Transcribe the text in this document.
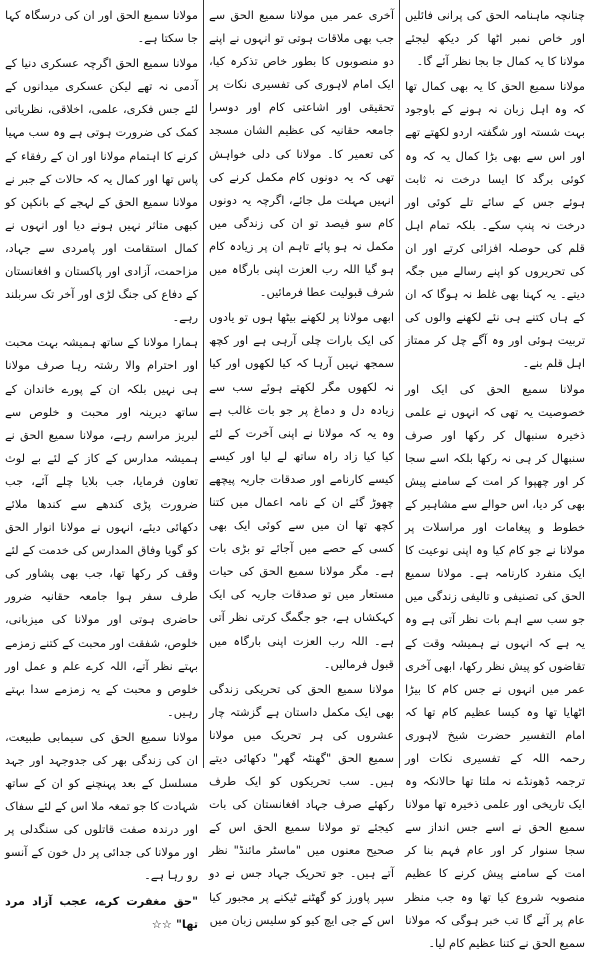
چنانچہ ماہنامہ الحق کی پرانی فائلیں اور خاص نمبر اٹھا کر دیکھ لیجئے مولانا کا یہ کمال جا بجا نظر آئے گا۔

مولانا سمیع الحق کا یہ بھی کمال تھا کہ وہ اہل زبان نہ ہونے کے باوجود بہت شستہ اور شگفتہ اردو لکھتے تھے اور اس سے بھی بڑا کمال یہ کہ وہ کوئی برگد کا ایسا درخت نہ ثابت ہوئے جس کے سائے تلے کوئی اور درخت نہ پنپ سکے۔ بلکہ تمام اہل قلم کی حوصلہ افزائی کرتے اور ان کی تحریروں کو اپنے رسالے میں جگہ دیتے۔ یہ کہنا بھی غلط نہ ہوگا کہ ان کے ہاں کتنے ہی نئے لکھنے والوں کی تربیت ہوئی اور وہ آگے چل کر ممتاز اہل قلم بنے۔

مولانا سمیع الحق کی ایک اور خصوصیت یہ تھی کہ انہوں نے علمی ذخیرہ سنبھال کر رکھا اور صرف سنبھال کر ہی نہ رکھا بلکہ اسے سجا کر اور چھپوا کر امت کے سامنے پیش بھی کر دیا، اس حوالے سے مشاہیر کے خطوط و پیغامات اور مراسلات پر مولانا نے جو کام کیا وہ اپنی نوعیت کا ایک منفرد کارنامہ ہے۔ مولانا سمیع الحق کی تصنیفی و تالیفی زندگی میں جو سب سے اہم بات نظر آتی ہے وہ یہ ہے کہ انہوں نے ہمیشہ وقت کے تقاضوں کو پیش نظر رکھا، ابھی آخری عمر میں انہوں نے جس کام کا بیڑا اٹھایا تھا وہ کیسا عظیم کام تھا کہ امام التفسیر حضرت شیخ لاہوری رحمہ اللہ کے تفسیری نکات اور ترجمہ ڈھونڈے نہ ملتا تھا حالانکہ وہ ایک تاریخی اور علمی ذخیرہ تھا مولانا سمیع الحق نے اسے جس انداز سے سجا سنوار کر اور عام فہم بنا کر امت کے سامنے پیش کرنے کا عظیم منصوبہ شروع کیا تھا وہ جب منظر عام پر آئے گا تب خبر ہوگی کہ مولانا سمیع الحق نے کتنا عظیم کام لیا۔

آخری عمر میں مولانا سمیع الحق سے جب بھی ملاقات ہوتی تو انہوں نے اپنے دو منصوبوں کا بطور خاص تذکرہ کیا، ایک امام لاہوری کی تفسیری نکات پر تحقیقی اور اشاعتی کام اور دوسرا جامعہ حقانیہ کی عظیم الشان مسجد کی تعمیر کا۔ مولانا کی دلی خواہش تھی کہ یہ دونوں کام مکمل کرنے کی انہیں مہلت مل جائے، اگرچہ یہ دونوں کام سو فیصد تو ان کی زندگی میں مکمل نہ ہو پائے تاہم ان پر زیادہ کام ہو گیا اللہ رب العزت اپنی بارگاہ میں شرف قبولیت عطا فرمائیں۔

ابھی مولانا پر لکھنے بیٹھا ہوں تو یادوں کی ایک بارات چلی آرہی ہے اور کچھ سمجھ نہیں آرہا کہ کیا لکھوں اور کیا نہ لکھوں مگر لکھتے ہوئے سب سے زیادہ دل و دماغ پر جو بات غالب ہے وہ یہ کہ مولانا نے اپنی آخرت کے لئے کیا کیا زاد راہ ساتھ لے لیا اور کیسے کیسے کارنامے اور صدقات جاریہ پیچھے چھوڑ گئے ان کے نامہ اعمال میں کتنا کچھ تھا ان میں سے کوئی ایک بھی کسی کے حصے میں آجائے تو بڑی بات ہے۔ مگر مولانا سمیع الحق کی حیات مستعار میں تو صدقات جاریہ کی ایک کہکشاں ہے، جو جگمگ کرتی نظر آتی ہے۔ اللہ رب العزت اپنی بارگاہ میں قبول فرمالیں۔

مولانا سمیع الحق کی تحریکی زندگی بھی ایک مکمل داستان ہے گزشتہ چار عشروں کی ہر تحریک میں مولانا سمیع الحق "گھنٹہ گھر" دکھائی دیتے ہیں۔ سب تحریکوں کو ایک طرف رکھئے صرف جہاد افغانستان کی بات کیجئے تو مولانا سمیع الحق اس کے صحیح معنوں میں "ماسٹر مائنڈ" نظر آتے ہیں۔ جو تحریک جہاد جس نے دو سپر پاورز کو گھٹنے ٹیکنے پر مجبور کیا اس کے جی ایچ کیو کو سلیس زبان میں

مولانا سمیع الحق اور ان کی درسگاہ کہا جا سکتا ہے۔

مولانا سمیع الحق اگرچہ عسکری دنیا کے آدمی نہ تھے لیکن عسکری میدانوں کے لئے جس فکری، علمی، اخلاقی، نظریاتی کمک کی ضرورت ہوتی ہے وہ سب مہیا کرنے کا اہتمام مولانا اور ان کے رفقاء کے پاس تھا اور کمال یہ کہ حالات کے جبر نے مولانا سمیع الحق کے لہجے کے بانکپن کو کبھی متاثر نہیں ہونے دیا اور انہوں نے کمال استقامت اور پامردی سے جہاد، مزاحمت، آزادی اور پاکستان و افغانستان کے دفاع کی جنگ لڑی اور آخر تک سربلند رہے۔

ہمارا مولانا کے ساتھ ہمیشہ بہت محبت اور احترام والا رشتہ رہا صرف مولانا ہی نہیں بلکہ ان کے پورے خاندان کے ساتھ دیرینہ اور محبت و خلوص سے لبریز مراسم رہے، مولانا سمیع الحق نے ہمیشہ مدارس کے کاز کے لئے بے لوث تعاون فرمایا، جب بلایا چلے آئے، جب ضرورت پڑی کندھے سے کندھا ملائے دکھائی دیئے، انہوں نے مولانا انوار الحق کو گویا وفاق المدارس کی خدمت کے لئے وقف کر رکھا تھا، جب بھی پشاور کی طرف سفر ہوا جامعہ حقانیہ ضرور حاضری ہوتی اور مولانا کی میزبانی، خلوص، شفقت اور محبت کے کتنے زمزمے بہتے نظر آتے، اللہ کرے علم و عمل اور خلوص و محبت کے یہ زمزمے سدا بہتے رہیں۔

مولانا سمیع الحق کی سیمابی طبیعت، ان کی زندگی بھر کی جدوجہد اور جہد مسلسل کے بعد پہنچنے کو ان کے ساتھ شہادت کا جو تمغہ ملا اس کے لئے سفاک اور درندہ صفت قاتلوں کی سنگدلی پر اور مولانا کی جدائی پر دل خون کے آنسو رو رہا ہے۔

"حق مغفرت کرے، عجب آزاد مرد تھا" ☆☆
